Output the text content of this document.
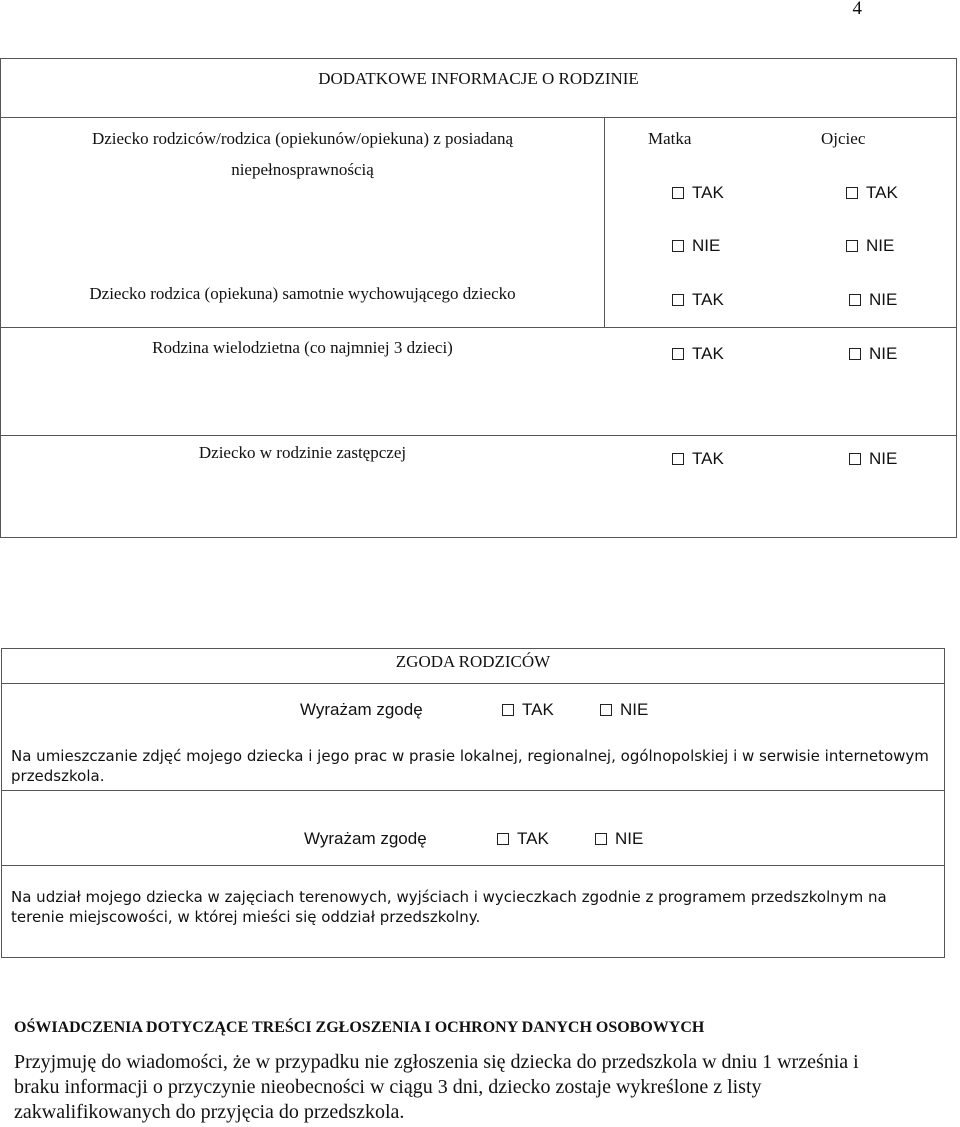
4
DODATKOWE INFORMACJE O RODZINIE
Dziecko rodziców/rodzica (opiekunów/opiekuna) z posiadaną
niepełnosprawnością
Matka	Ojciec
TAK	TAK
NIE	NIE
Dziecko rodzica (opiekuna) samotnie wychowującego dziecko	TAK	NIE
Rodzina wielodzietna (co najmniej 3 dzieci)	TAK	NIE
Dziecko w rodzinie zastępczej	TAK	NIE
ZGODA RODZICÓW
Wyrażam zgodę	TAK	NIE
Na umieszczanie zdjęć mojego dziecka i jego prac w prasie lokalnej, regionalnej, ogólnopolskiej i w serwisie internetowym przedszkola.
Wyrażam zgodę	TAK	NIE
Na udział mojego dziecka w zajęciach terenowych, wyjściach i wycieczkach zgodnie z programem przedszkolnym na terenie miejscowości, w której mieści się oddział przedszkolny.
OŚWIADCZENIA DOTYCZĄCE TREŚCI ZGŁOSZENIA I OCHRONY DANYCH OSOBOWYCH
Przyjmuję do wiadomości, że w przypadku nie zgłoszenia się dziecka do przedszkola w dniu 1 września i braku informacji o przyczynie nieobecności w ciągu 3 dni, dziecko zostaje wykreślone z listy zakwalifikowanych do przyjęcia do przedszkola.
